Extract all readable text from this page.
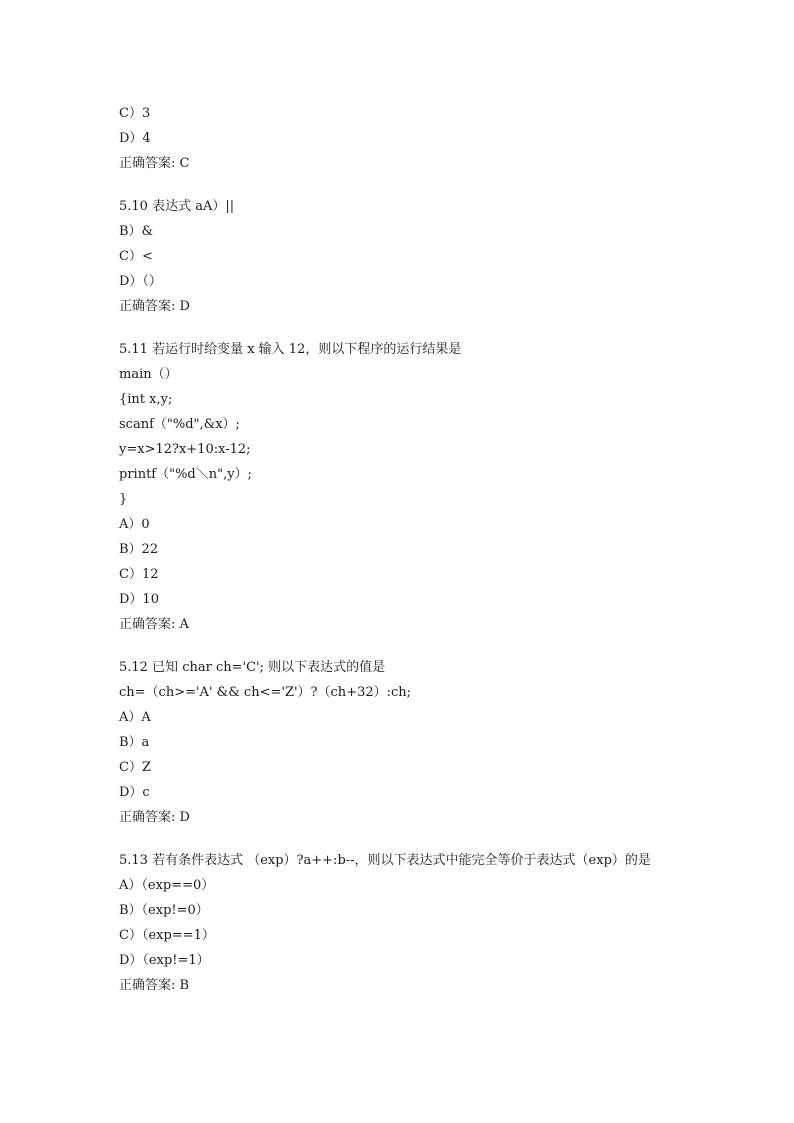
C）3
D）4
正确答案: C
5.10 表达式 aA）||
B）&
C）<
D）（）
正确答案: D
5.11 若运行时给变量 x 输入 12，则以下程序的运行结果是
main（）
{int x,y;
scanf（"%d",&x）;
y=x>12?x+10:x-12;
printf（"%d＼n",y）;
}
A）0
B）22
C）12
D）10
正确答案: A
5.12 已知 char ch='C'; 则以下表达式的值是
ch=（ch>='A' && ch<='Z'）?（ch+32）:ch;
A）A
B）a
C）Z
D）c
正确答案: D
5.13 若有条件表达式 （exp）?a++:b--，则以下表达式中能完全等价于表达式（exp）的是
A）（exp==0）
B）（exp!=0）
C）（exp==1）
D）（exp!=1）
正确答案: B
